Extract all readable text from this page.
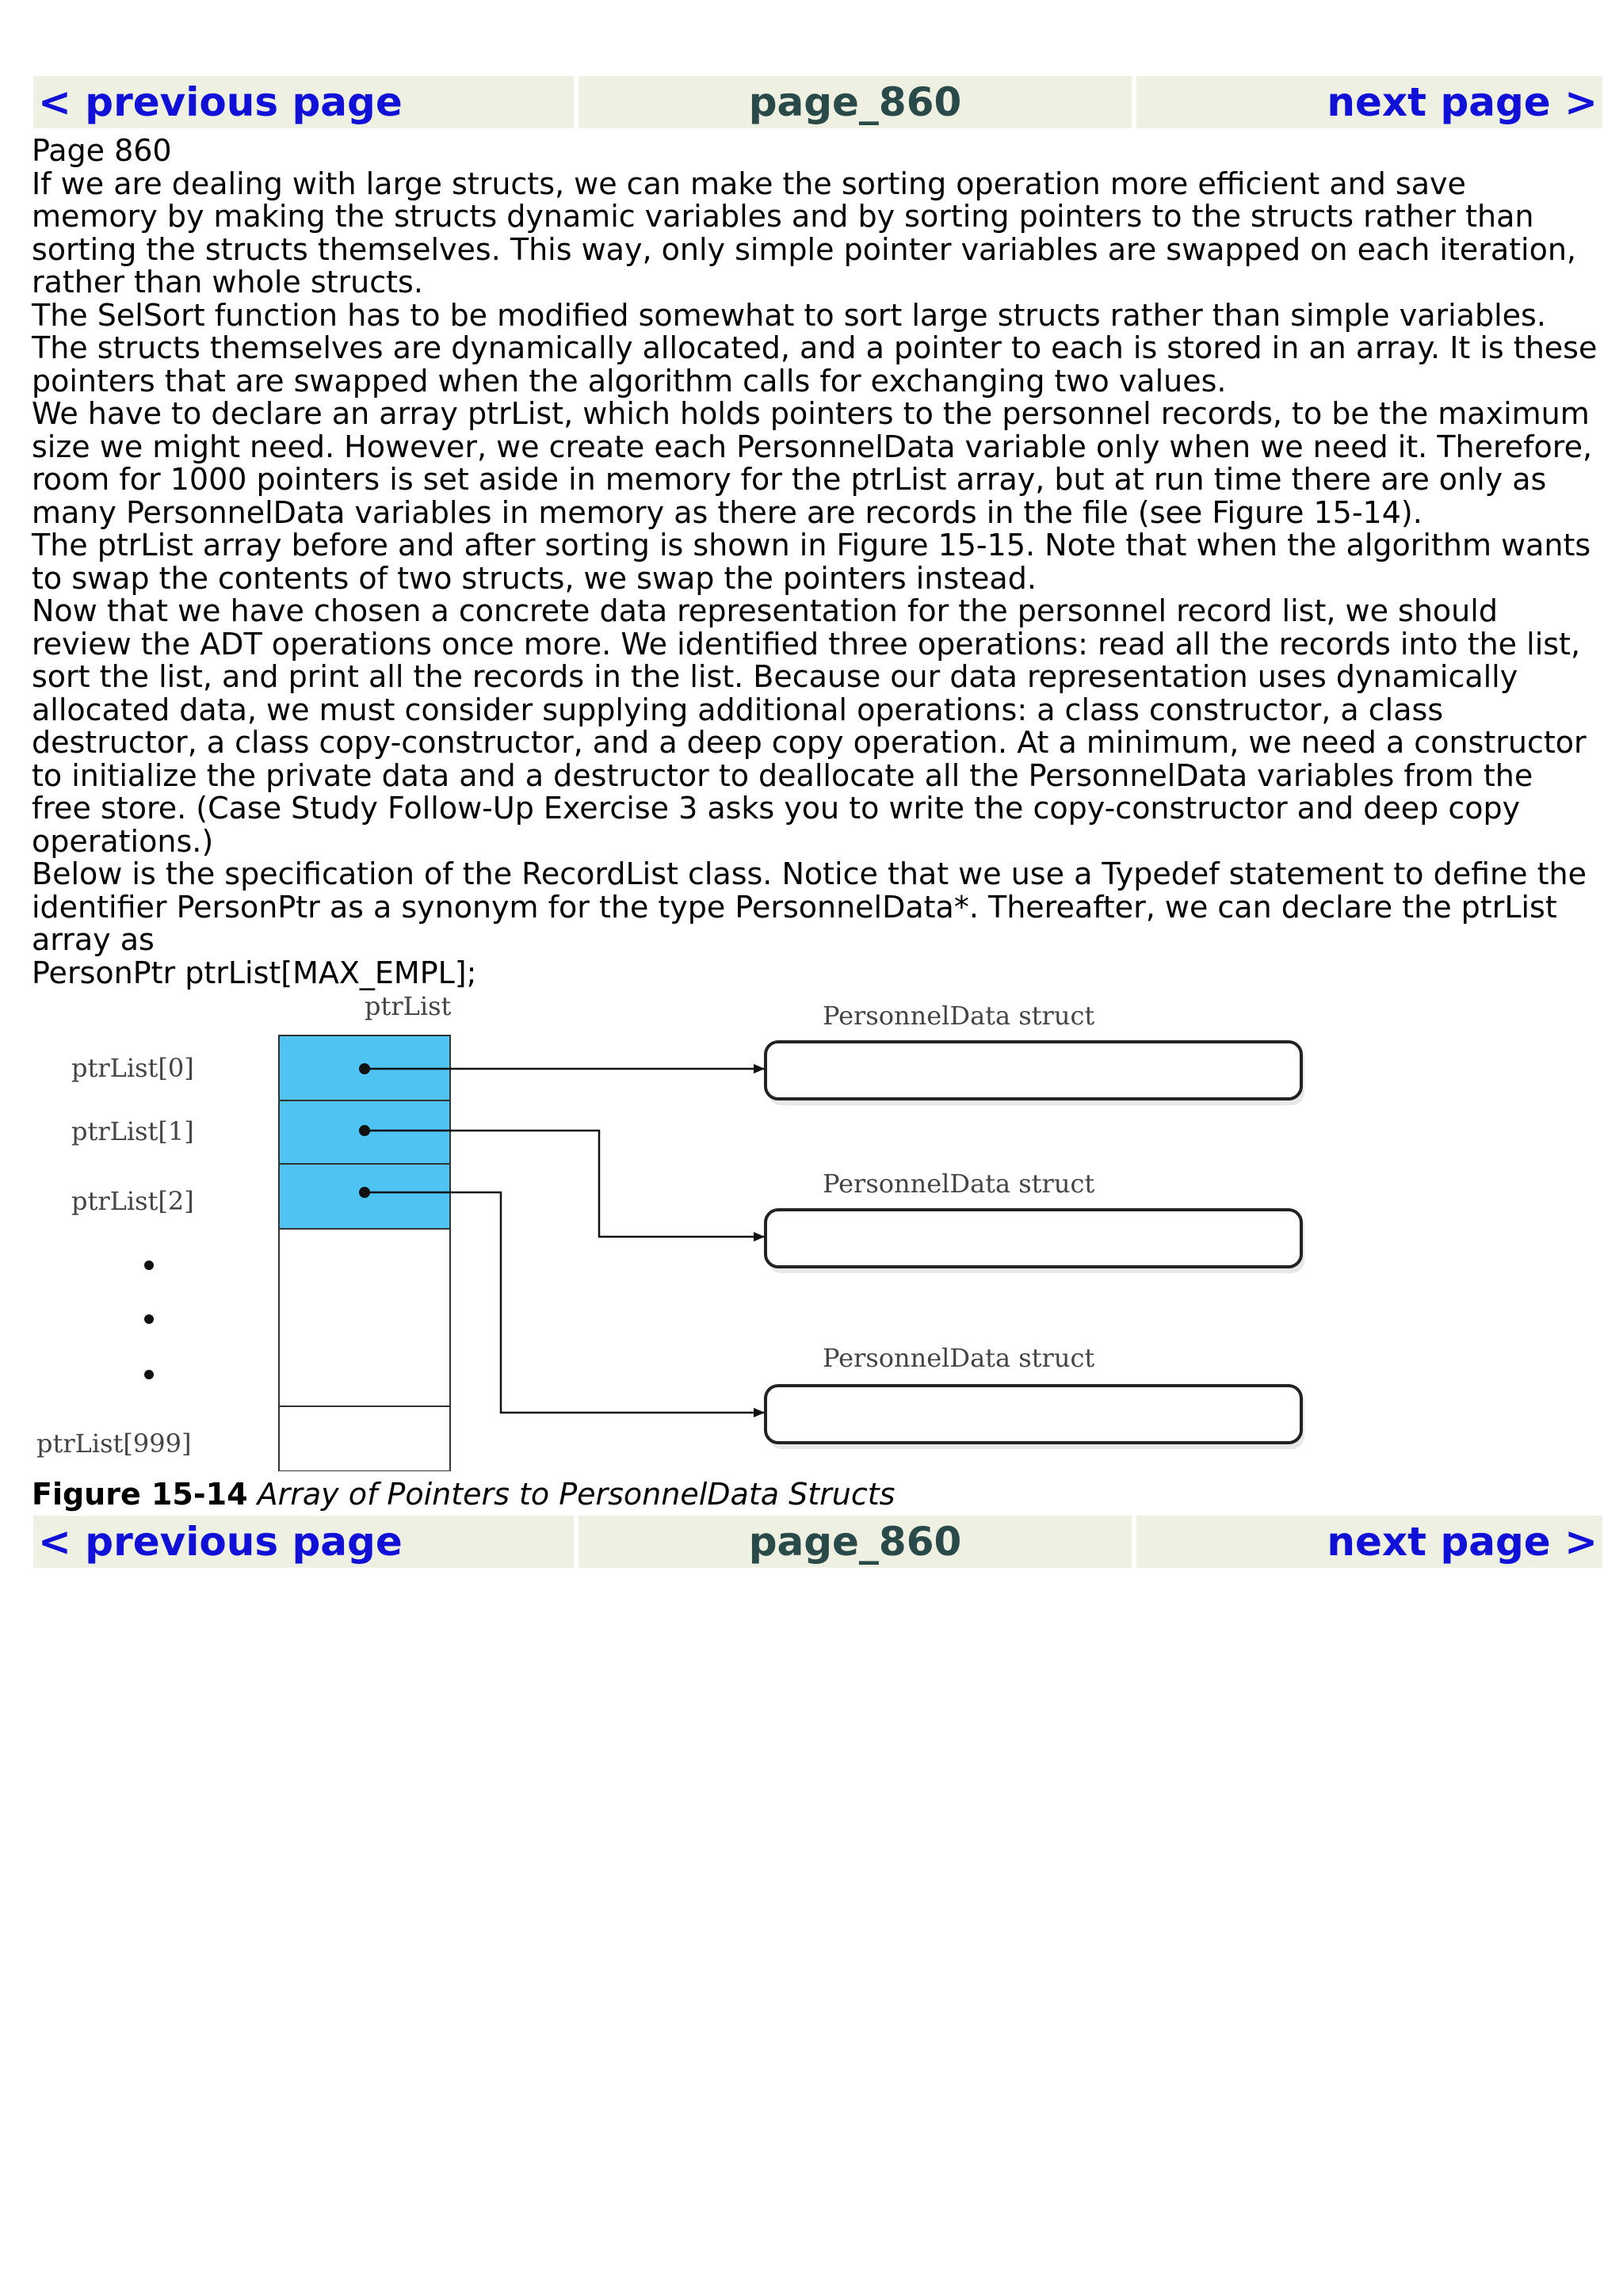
< previous page	page_860	next page >

Page 860

If we are dealing with large structs, we can make the sorting operation more efficient and save memory by making the structs dynamic variables and by sorting pointers to the structs rather than sorting the structs themselves. This way, only simple pointer variables are swapped on each iteration, rather than whole structs.

The SelSort function has to be modified somewhat to sort large structs rather than simple variables. The structs themselves are dynamically allocated, and a pointer to each is stored in an array. It is these pointers that are swapped when the algorithm calls for exchanging two values.

We have to declare an array ptrList, which holds pointers to the personnel records, to be the maximum size we might need. However, we create each PersonnelData variable only when we need it. Therefore, room for 1000 pointers is set aside in memory for the ptrList array, but at run time there are only as many PersonnelData variables in memory as there are records in the file (see Figure 15-14).

The ptrList array before and after sorting is shown in Figure 15-15. Note that when the algorithm wants to swap the contents of two structs, we swap the pointers instead.

Now that we have chosen a concrete data representation for the personnel record list, we should review the ADT operations once more. We identified three operations: read all the records into the list, sort the list, and print all the records in the list. Because our data representation uses dynamically allocated data, we must consider supplying additional operations: a class constructor, a class destructor, a class copy-constructor, and a deep copy operation. At a minimum, we need a constructor to initialize the private data and a destructor to deallocate all the PersonnelData variables from the free store. (Case Study Follow-Up Exercise 3 asks you to write the copy-constructor and deep copy operations.)

Below is the specification of the RecordList class. Notice that we use a Typedef statement to define the identifier PersonPtr as a synonym for the type PersonnelData*. Thereafter, we can declare the ptrList array as

PersonPtr ptrList[MAX_EMPL];

ptrList
ptrList[0]
ptrList[1]
ptrList[2]
ptrList[999]
PersonnelData struct
PersonnelData struct
PersonnelData struct
Figure 15-14 Array of Pointers to PersonnelData Structs
< previous page	page_860	next page >
